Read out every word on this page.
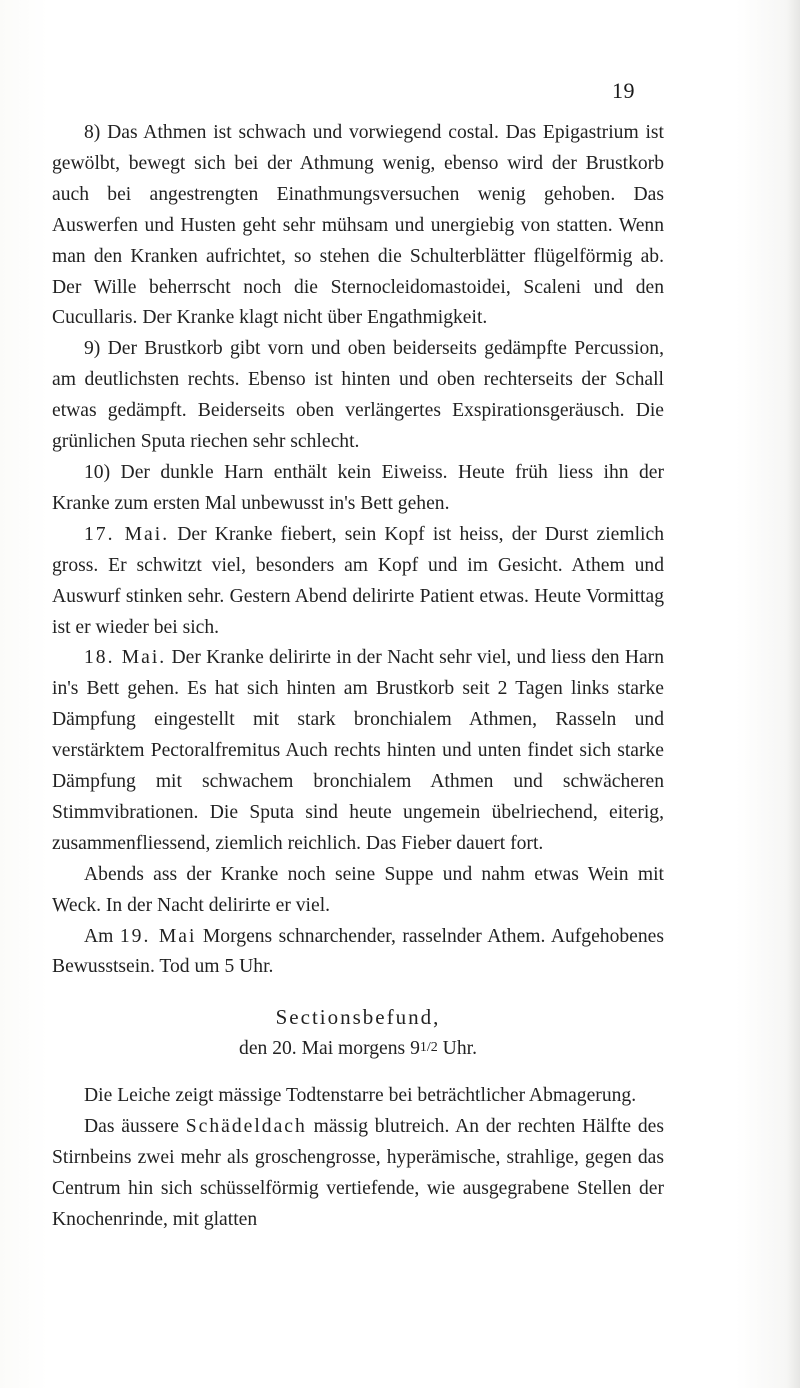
19

8) Das Athmen ist schwach und vorwiegend costal. Das Epigastrium ist gewölbt, bewegt sich bei der Athmung wenig, ebenso wird der Brustkorb auch bei angestrengten Einathmungsversuchen wenig gehoben. Das Auswerfen und Husten geht sehr mühsam und unergiebig von statten. Wenn man den Kranken aufrichtet, so stehen die Schulterblätter flügelförmig ab. Der Wille beherrscht noch die Sternocleidomastoidei, Scaleni und den Cucullaris. Der Kranke klagt nicht über Engathmigkeit.

9) Der Brustkorb gibt vorn und oben beiderseits gedämpfte Percussion, am deutlichsten rechts. Ebenso ist hinten und oben rechterseits der Schall etwas gedämpft. Beiderseits oben verlängertes Exspirationsgeräusch. Die grünlichen Sputa riechen sehr schlecht.

10) Der dunkle Harn enthält kein Eiweiss. Heute früh liess ihn der Kranke zum ersten Mal unbewusst in's Bett gehen.

17. Mai. Der Kranke fiebert, sein Kopf ist heiss, der Durst ziemlich gross. Er schwitzt viel, besonders am Kopf und im Gesicht. Athem und Auswurf stinken sehr. Gestern Abend delirirte Patient etwas. Heute Vormittag ist er wieder bei sich.

18. Mai. Der Kranke delirirte in der Nacht sehr viel, und liess den Harn in's Bett gehen. Es hat sich hinten am Brustkorb seit 2 Tagen links starke Dämpfung eingestellt mit stark bronchialem Athmen, Rasseln und verstärktem Pectoralfremitus Auch rechts hinten und unten findet sich starke Dämpfung mit schwachem bronchialem Athmen und schwächeren Stimmvibrationen. Die Sputa sind heute ungemein übelriechend, eiterig, zusammenfliessend, ziemlich reichlich. Das Fieber dauert fort.

Abends ass der Kranke noch seine Suppe und nahm etwas Wein mit Weck. In der Nacht delirirte er viel.

Am 19. Mai Morgens schnarchender, rasselnder Athem. Aufgehobenes Bewusstsein. Tod um 5 Uhr.

Sectionsbefund,

den 20. Mai morgens 91/2 Uhr.

Die Leiche zeigt mässige Todtenstarre bei beträchtlicher Abmagerung.

Das äussere Schädeldach mässig blutreich. An der rechten Hälfte des Stirnbeins zwei mehr als groschengrosse, hyperämische, strahlige, gegen das Centrum hin sich schüsselförmig vertiefende, wie ausgegrabene Stellen der Knochenrinde, mit glatten
